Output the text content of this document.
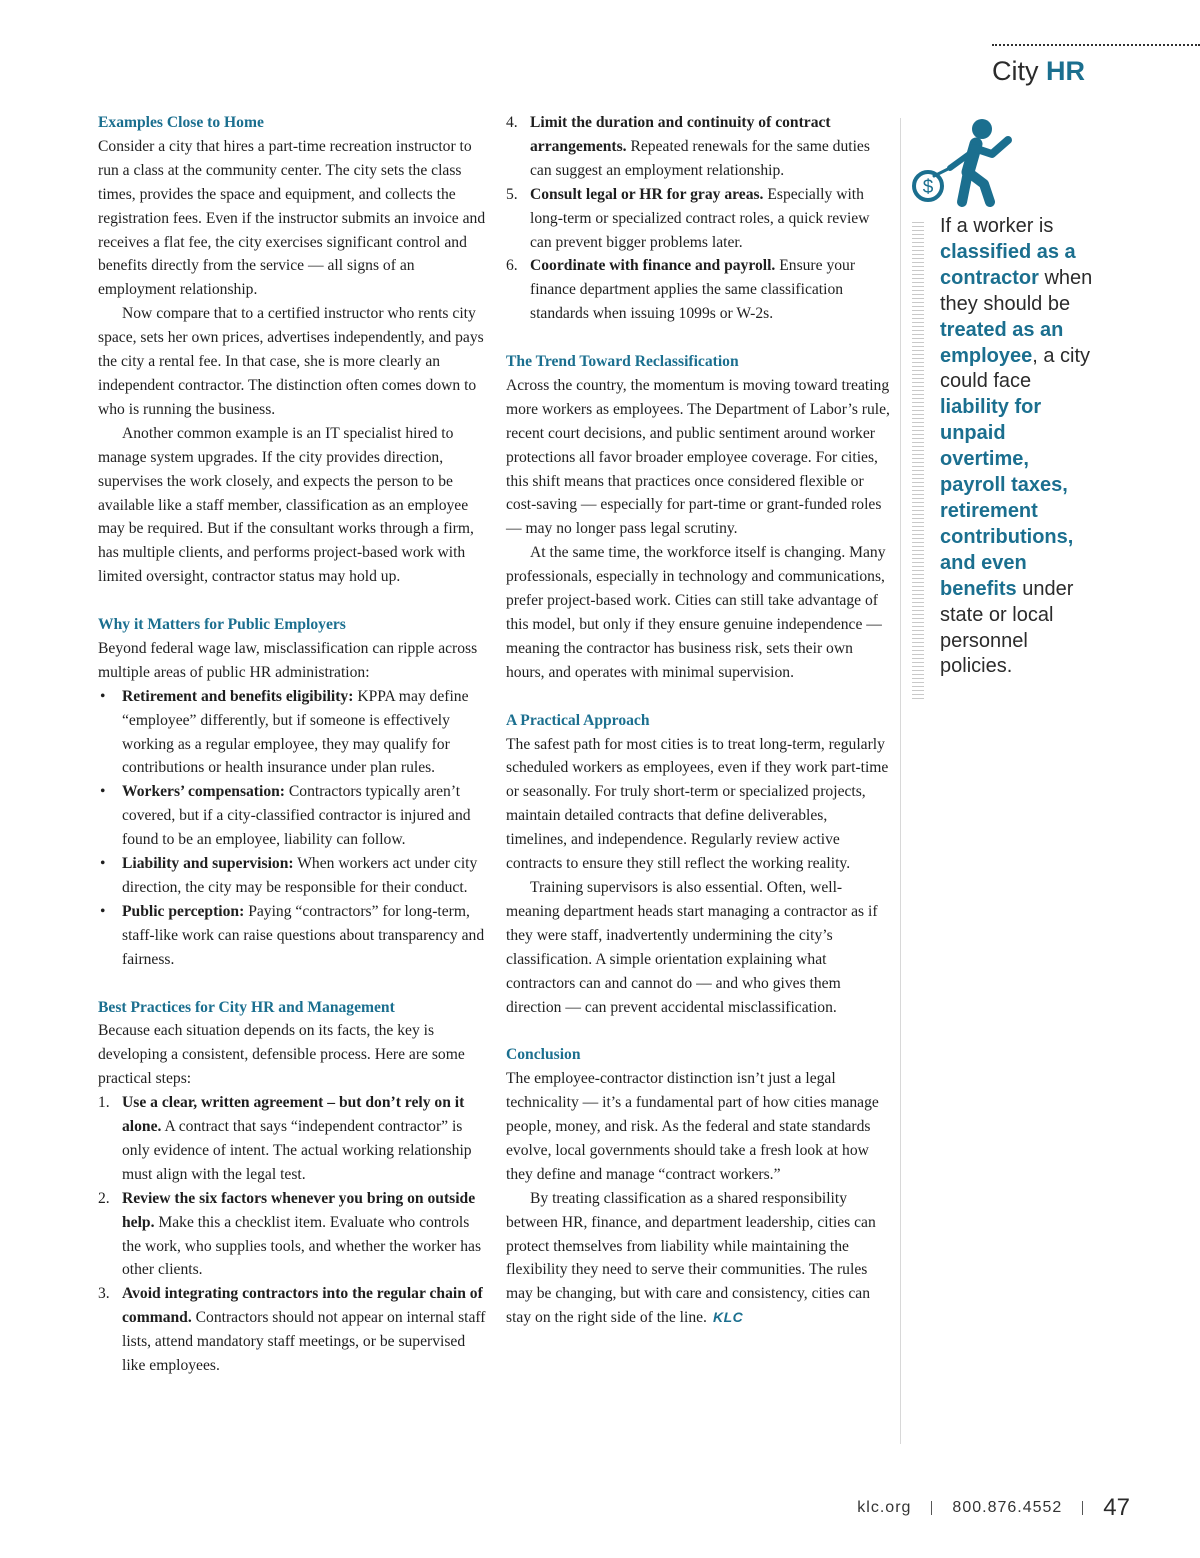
City HR
Examples Close to Home

Consider a city that hires a part-time recreation instructor to run a class at the community center. The city sets the class times, provides the space and equipment, and collects the registration fees. Even if the instructor submits an invoice and receives a flat fee, the city exercises significant control and benefits directly from the service — all signs of an employment relationship.

Now compare that to a certified instructor who rents city space, sets her own prices, advertises independently, and pays the city a rental fee. In that case, she is more clearly an independent contractor. The distinction often comes down to who is running the business.

Another common example is an IT specialist hired to manage system upgrades. If the city provides direction, supervises the work closely, and expects the person to be available like a staff member, classification as an employee may be required. But if the consultant works through a firm, has multiple clients, and performs project-based work with limited oversight, contractor status may hold up.

Why it Matters for Public Employers

Beyond federal wage law, misclassification can ripple across multiple areas of public HR administration:

• Retirement and benefits eligibility: KPPA may define “employee” differently, but if someone is effectively working as a regular employee, they may qualify for contributions or health insurance under plan rules.
• Workers’ compensation: Contractors typically aren’t covered, but if a city-classified contractor is injured and found to be an employee, liability can follow.
• Liability and supervision: When workers act under city direction, the city may be responsible for their conduct.
• Public perception: Paying “contractors” for long-term, staff-like work can raise questions about transparency and fairness.
Best Practices for City HR and Management

Because each situation depends on its facts, the key is developing a consistent, defensible process. Here are some practical steps:

1. Use a clear, written agreement – but don’t rely on it alone. A contract that says “independent contractor” is only evidence of intent. The actual working relationship must align with the legal test.
2. Review the six factors whenever you bring on outside help. Make this a checklist item. Evaluate who controls the work, who supplies tools, and whether the worker has other clients.
3. Avoid integrating contractors into the regular chain of command. Contractors should not appear on internal staff lists, attend mandatory staff meetings, or be supervised like employees.
4. Limit the duration and continuity of contract arrangements. Repeated renewals for the same duties can suggest an employment relationship.
5. Consult legal or HR for gray areas. Especially with long-term or specialized contract roles, a quick review can prevent bigger problems later.
6. Coordinate with finance and payroll. Ensure your finance department applies the same classification standards when issuing 1099s or W-2s.
The Trend Toward Reclassification

Across the country, the momentum is moving toward treating more workers as employees. The Department of Labor’s rule, recent court decisions, and public sentiment around worker protections all favor broader employee coverage. For cities, this shift means that practices once considered flexible or cost-saving — especially for part-time or grant-funded roles — may no longer pass legal scrutiny.

At the same time, the workforce itself is changing. Many professionals, especially in technology and communications, prefer project-based work. Cities can still take advantage of this model, but only if they ensure genuine independence — meaning the contractor has business risk, sets their own hours, and operates with minimal supervision.

A Practical Approach

The safest path for most cities is to treat long-term, regularly scheduled workers as employees, even if they work part-time or seasonally. For truly short-term or specialized projects, maintain detailed contracts that define deliverables, timelines, and independence. Regularly review active contracts to ensure they still reflect the working reality.

Training supervisors is also essential. Often, well-meaning department heads start managing a contractor as if they were staff, inadvertently undermining the city’s classification. A simple orientation explaining what contractors can and cannot do — and who gives them direction — can prevent accidental misclassification.

Conclusion

The employee-contractor distinction isn’t just a legal technicality — it’s a fundamental part of how cities manage people, money, and risk. As the federal and state standards evolve, local governments should take a fresh look at how they define and manage “contract workers.”

By treating classification as a shared responsibility between HR, finance, and department leadership, cities can protect themselves from liability while maintaining the flexibility they need to serve their communities. The rules may be changing, but with care and consistency, cities can stay on the right side of the line. KLC

$

If a worker is classified as a contractor when they should be treated as an employee, a city could face liability for unpaid overtime, payroll taxes, retirement contributions, and even benefits under state or local personnel policies.

klc.org	800.876.4552 47
